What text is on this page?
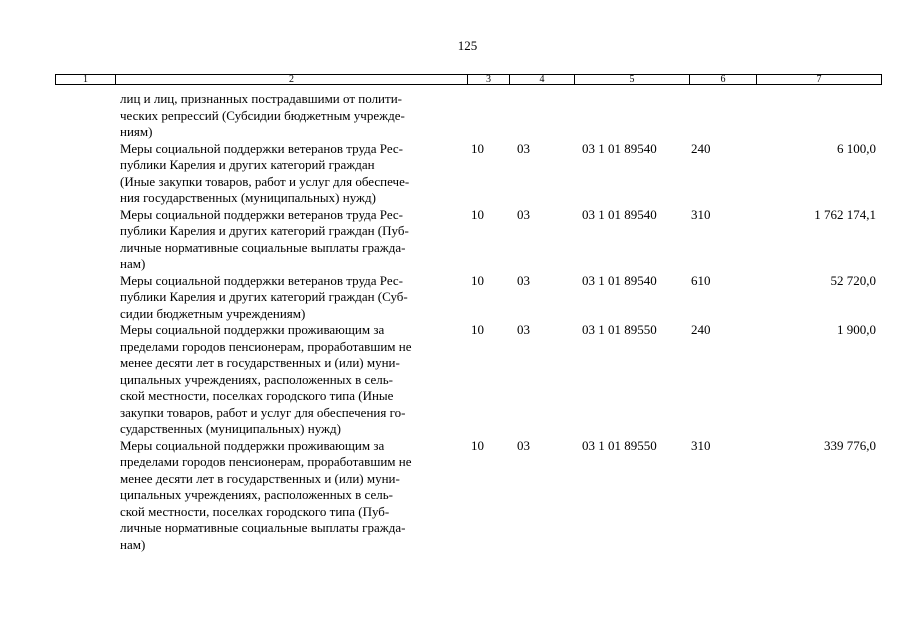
125
1	2	3	4	5	6	7
лиц и лиц, признанных пострадавшими от полити-
ческих репрессий (Субсидии бюджетным учрежде-
ниям)
Меры социальной поддержки ветеранов труда Рес-
публики Карелия и других категорий граждан
(Иные закупки товаров, работ и услуг для обеспече-
ния государственных (муниципальных) нужд)
10	03	03 1 01 89540	240	6 100,0
Меры социальной поддержки ветеранов труда Рес-
публики Карелия и других категорий граждан (Пуб-
личные нормативные социальные выплаты гражда-
нам)
10	03	03 1 01 89540	310	1 762 174,1
Меры социальной поддержки ветеранов труда Рес-
публики Карелия и других категорий граждан (Суб-
сидии бюджетным учреждениям)
10	03	03 1 01 89540	610	52 720,0
Меры социальной поддержки проживающим за
пределами городов пенсионерам, проработавшим не
менее десяти лет в государственных и (или) муни-
ципальных учреждениях, расположенных в сель-
ской местности, поселках городского типа (Иные
закупки товаров, работ и услуг для обеспечения го-
сударственных (муниципальных) нужд)
10	03	03 1 01 89550	240	1 900,0
Меры социальной поддержки проживающим за
пределами городов пенсионерам, проработавшим не
менее десяти лет в государственных и (или) муни-
ципальных учреждениях, расположенных в сель-
ской местности, поселках городского типа (Пуб-
личные нормативные социальные выплаты гражда-
нам)
10	03	03 1 01 89550	310	339 776,0
